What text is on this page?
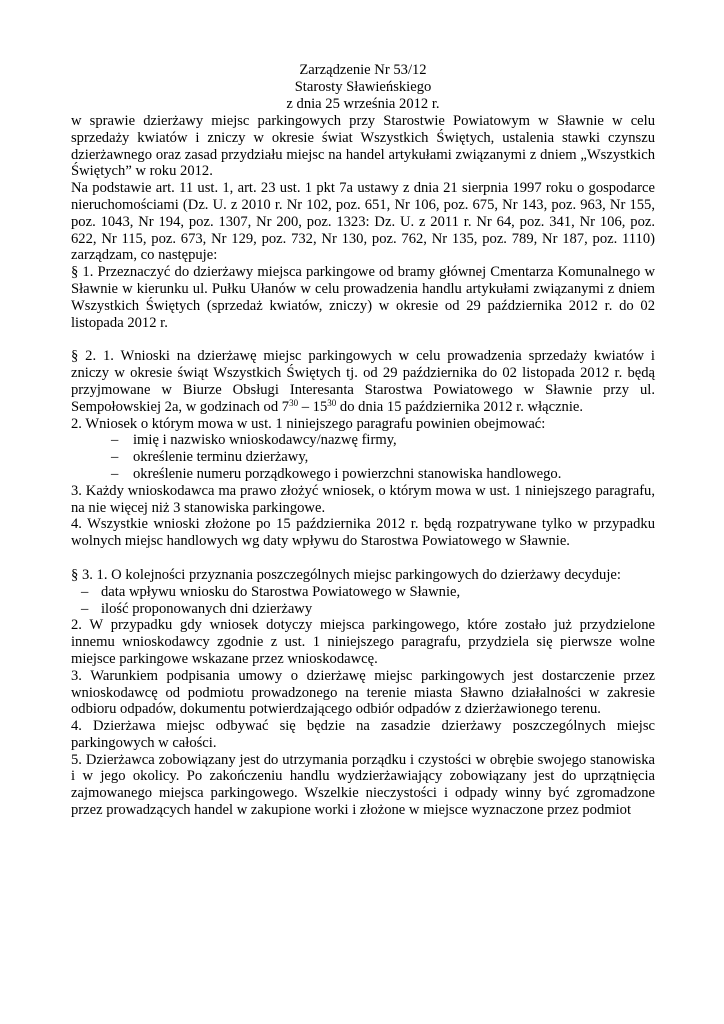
Zarządzenie Nr 53/12
Starosty Sławieńskiego
z dnia 25 września 2012 r.

w sprawie dzierżawy miejsc parkingowych przy Starostwie Powiatowym w Sławnie w celu sprzedaży kwiatów i zniczy w okresie świat Wszystkich Świętych, ustalenia stawki czynszu dzierżawnego oraz zasad przydziału miejsc na handel artykułami związanymi z dniem „Wszystkich Świętych” w roku 2012.

Na podstawie art. 11 ust. 1, art. 23 ust. 1 pkt 7a ustawy z dnia 21 sierpnia 1997 roku o gospodarce nieruchomościami (Dz. U. z 2010 r. Nr 102, poz. 651, Nr 106, poz. 675, Nr 143, poz. 963, Nr 155, poz. 1043, Nr 194, poz. 1307, Nr 200, poz. 1323: Dz. U. z 2011 r. Nr 64, poz. 341, Nr 106, poz. 622, Nr 115, poz. 673, Nr 129, poz. 732, Nr 130, poz. 762, Nr 135, poz. 789, Nr 187, poz. 1110) zarządzam, co następuje:

§ 1. Przeznaczyć do dzierżawy miejsca parkingowe od bramy głównej Cmentarza Komunalnego w Sławnie w kierunku ul. Pułku Ułanów w celu prowadzenia handlu artykułami związanymi z dniem Wszystkich Świętych (sprzedaż kwiatów, zniczy) w okresie od 29 października 2012 r. do 02 listopada 2012 r.

§ 2. 1. Wnioski na dzierżawę miejsc parkingowych w celu prowadzenia sprzedaży kwiatów i zniczy w okresie świąt Wszystkich Świętych tj. od 29 października do 02 listopada 2012 r. będą przyjmowane w Biurze Obsługi Interesanta Starostwa Powiatowego w Sławnie przy ul. Sempołowskiej 2a, w godzinach od $7^{30} - 15^{30}$ do dnia 15 października 2012 r. włącznie.

2. Wniosek o którym mowa w ust. 1 niniejszego paragrafu powinien obejmować:

– imię i nazwisko wnioskodawcy/nazwę firmy,
– określenie terminu dzierżawy,
– określenie numeru porządkowego i powierzchni stanowiska handlowego.

3. Każdy wnioskodawca ma prawo złożyć wniosek, o którym mowa w ust. 1 niniejszego paragrafu, na nie więcej niż 3 stanowiska parkingowe.

4. Wszystkie wnioski złożone po 15 października 2012 r. będą rozpatrywane tylko w przypadku wolnych miejsc handlowych wg daty wpływu do Starostwa Powiatowego w Sławnie.

§ 3. 1. O kolejności przyznania poszczególnych miejsc parkingowych do dzierżawy decyduje:

– data wpływu wniosku do Starostwa Powiatowego w Sławnie,
– ilość proponowanych dni dzierżawy

2. W przypadku gdy wniosek dotyczy miejsca parkingowego, które zostało już przydzielone innemu wnioskodawcy zgodnie z ust. 1 niniejszego paragrafu, przydziela się pierwsze wolne miejsce parkingowe wskazane przez wnioskodawcę.

3. Warunkiem podpisania umowy o dzierżawę miejsc parkingowych jest dostarczenie przez wnioskodawcę od podmiotu prowadzonego na terenie miasta Sławno działalności w zakresie odbioru odpadów, dokumentu potwierdzającego odbiór odpadów z dzierżawionego terenu.

4. Dzierżawa miejsc odbywać się będzie na zasadzie dzierżawy poszczególnych miejsc parkingowych w całości.

5. Dzierżawca zobowiązany jest do utrzymania porządku i czystości w obrębie swojego stanowiska i w jego okolicy. Po zakończeniu handlu wydzierżawiający zobowiązany jest do uprzątnięcia zajmowanego miejsca parkingowego. Wszelkie nieczystości i odpady winny być zgromadzone przez prowadzących handel w zakupione worki i złożone w miejsce wyznaczone przez podmiot
